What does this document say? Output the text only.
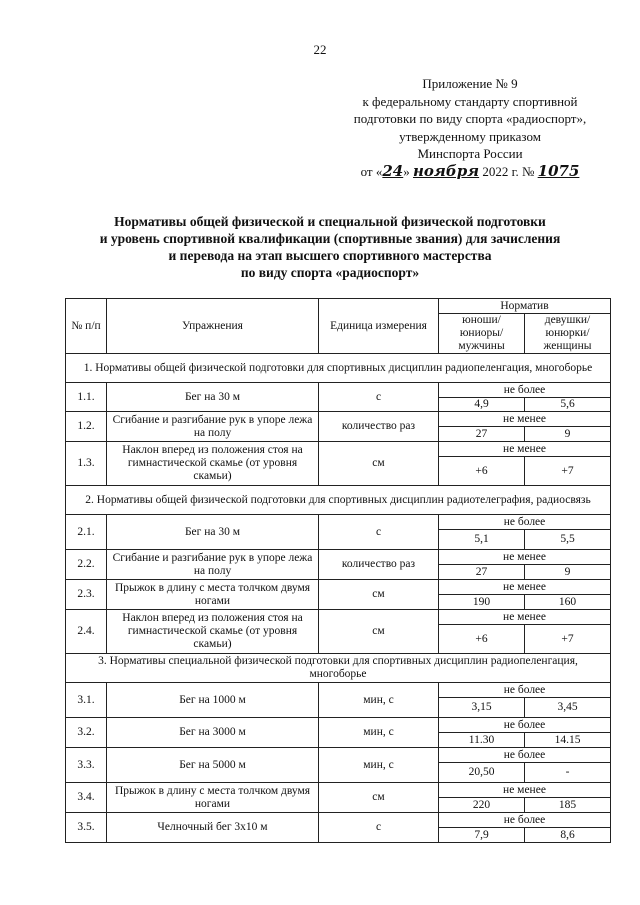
22
Приложение № 9
к федеральному стандарту спортивной
подготовки по виду спорта «радиоспорт»,
утвержденному приказом
Минспорта России
от «24» ноября 2022 г. № 1075
Нормативы общей физической и специальной физической подготовки
и уровень спортивной квалификации (спортивные звания) для зачисления
и перевода на этап высшего спортивного мастерства
по виду спорта «радиоспорт»
№ п/п	Упражнения	Единица измерения	Норматив	
			юноши/ юниоры/ мужчины	девушки/ юнюрки/ женщины
1. Нормативы общей физической подготовки для спортивных дисциплин радиопеленгация, многоборье				
1.1.	Бег на 30 м	с	не более	
			4,9	5,6
1.2.	Сгибание и разгибание рук в упоре лежа на полу	количество раз	не менее	
			27	9
1.3.	Наклон вперед из положения стоя на гимнастической скамье (от уровня скамьи)	см	не менее	
			+6	+7
2. Нормативы общей физической подготовки для спортивных дисциплин радиотелеграфия, радиосвязь				
2.1.	Бег на 30 м	с	не более	
			5,1	5,5
2.2.	Сгибание и разгибание рук в упоре лежа на полу	количество раз	не менее	
			27	9
2.3.	Прыжок в длину с места толчком двумя ногами	см	не менее	
			190	160
2.4.	Наклон вперед из положения стоя на гимнастической скамье (от уровня скамьи)	см	не менее	
			+6	+7
3. Нормативы специальной физической подготовки для спортивных дисциплин радиопеленгация, многоборье				
3.1.	Бег на 1000 м	мин, с	не более	
			3,15	3,45
3.2.	Бег на 3000 м	мин, с	не более	
			11.30	14.15
3.3.	Бег на 5000 м	мин, с	не более	
			20,50	-
3.4.	Прыжок в длину с места толчком двумя ногами	см	не менее	
			220	185
3.5.	Челночный бег 3х10 м	с	не более	
			7,9	8,6
